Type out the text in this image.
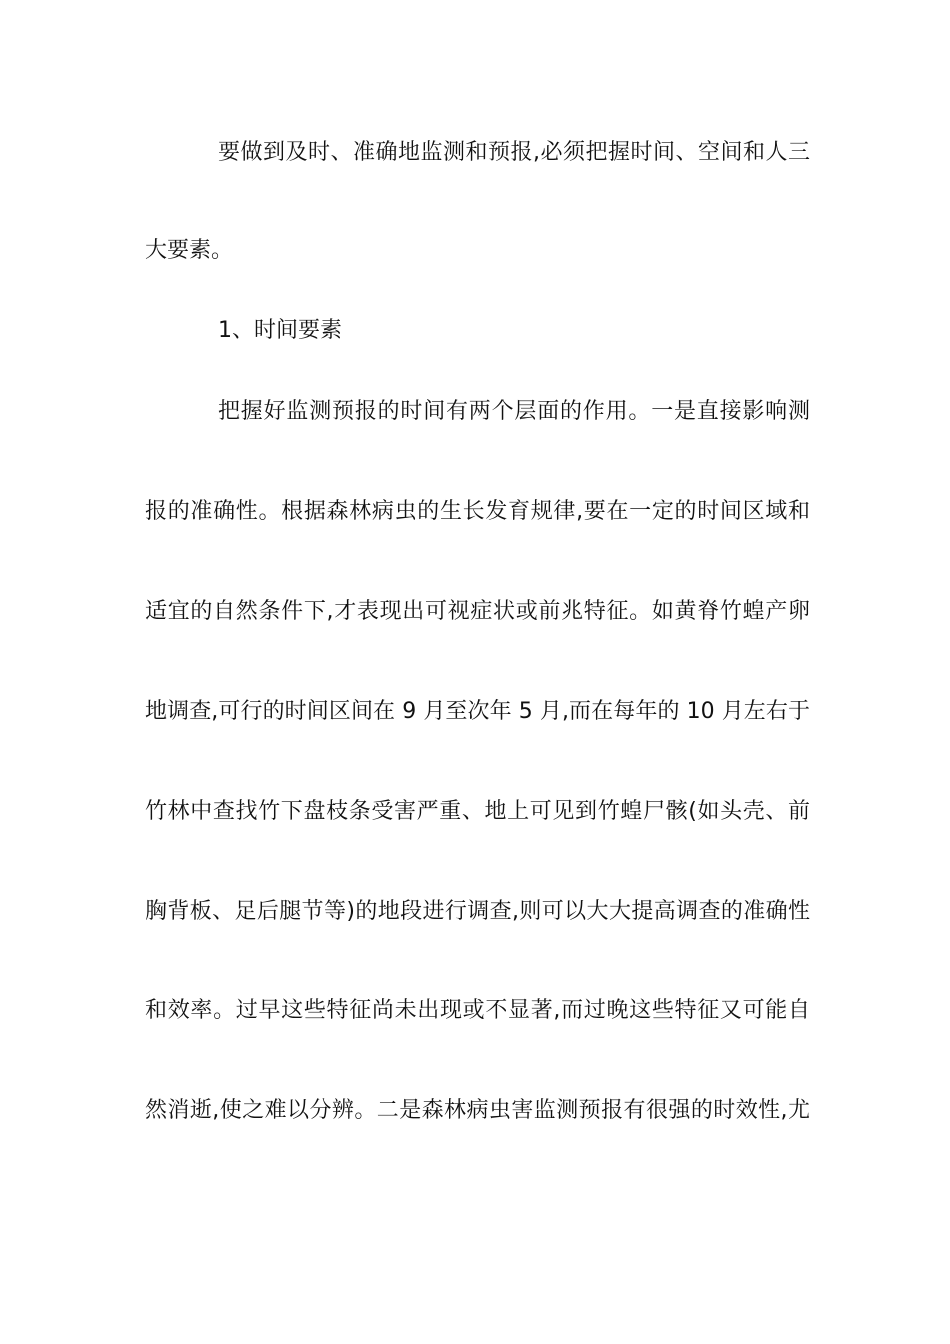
要做到及时、准确地监测和预报,必须把握时间、空间和人三
大要素。
1、时间要素
把握好监测预报的时间有两个层面的作用。一是直接影响测
报的准确性。根据森林病虫的生长发育规律,要在一定的时间区域和
适宜的自然条件下,才表现出可视症状或前兆特征。如黄脊竹蝗产卵
地调查,可行的时间区间在 9 月至次年 5 月,而在每年的 10 月左右于
竹林中查找竹下盘枝条受害严重、地上可见到竹蝗尸骸(如头壳、前
胸背板、足后腿节等)的地段进行调查,则可以大大提高调查的准确性
和效率。过早这些特征尚未出现或不显著,而过晚这些特征又可能自
然消逝,使之难以分辨。二是森林病虫害监测预报有很强的时效性,尤
